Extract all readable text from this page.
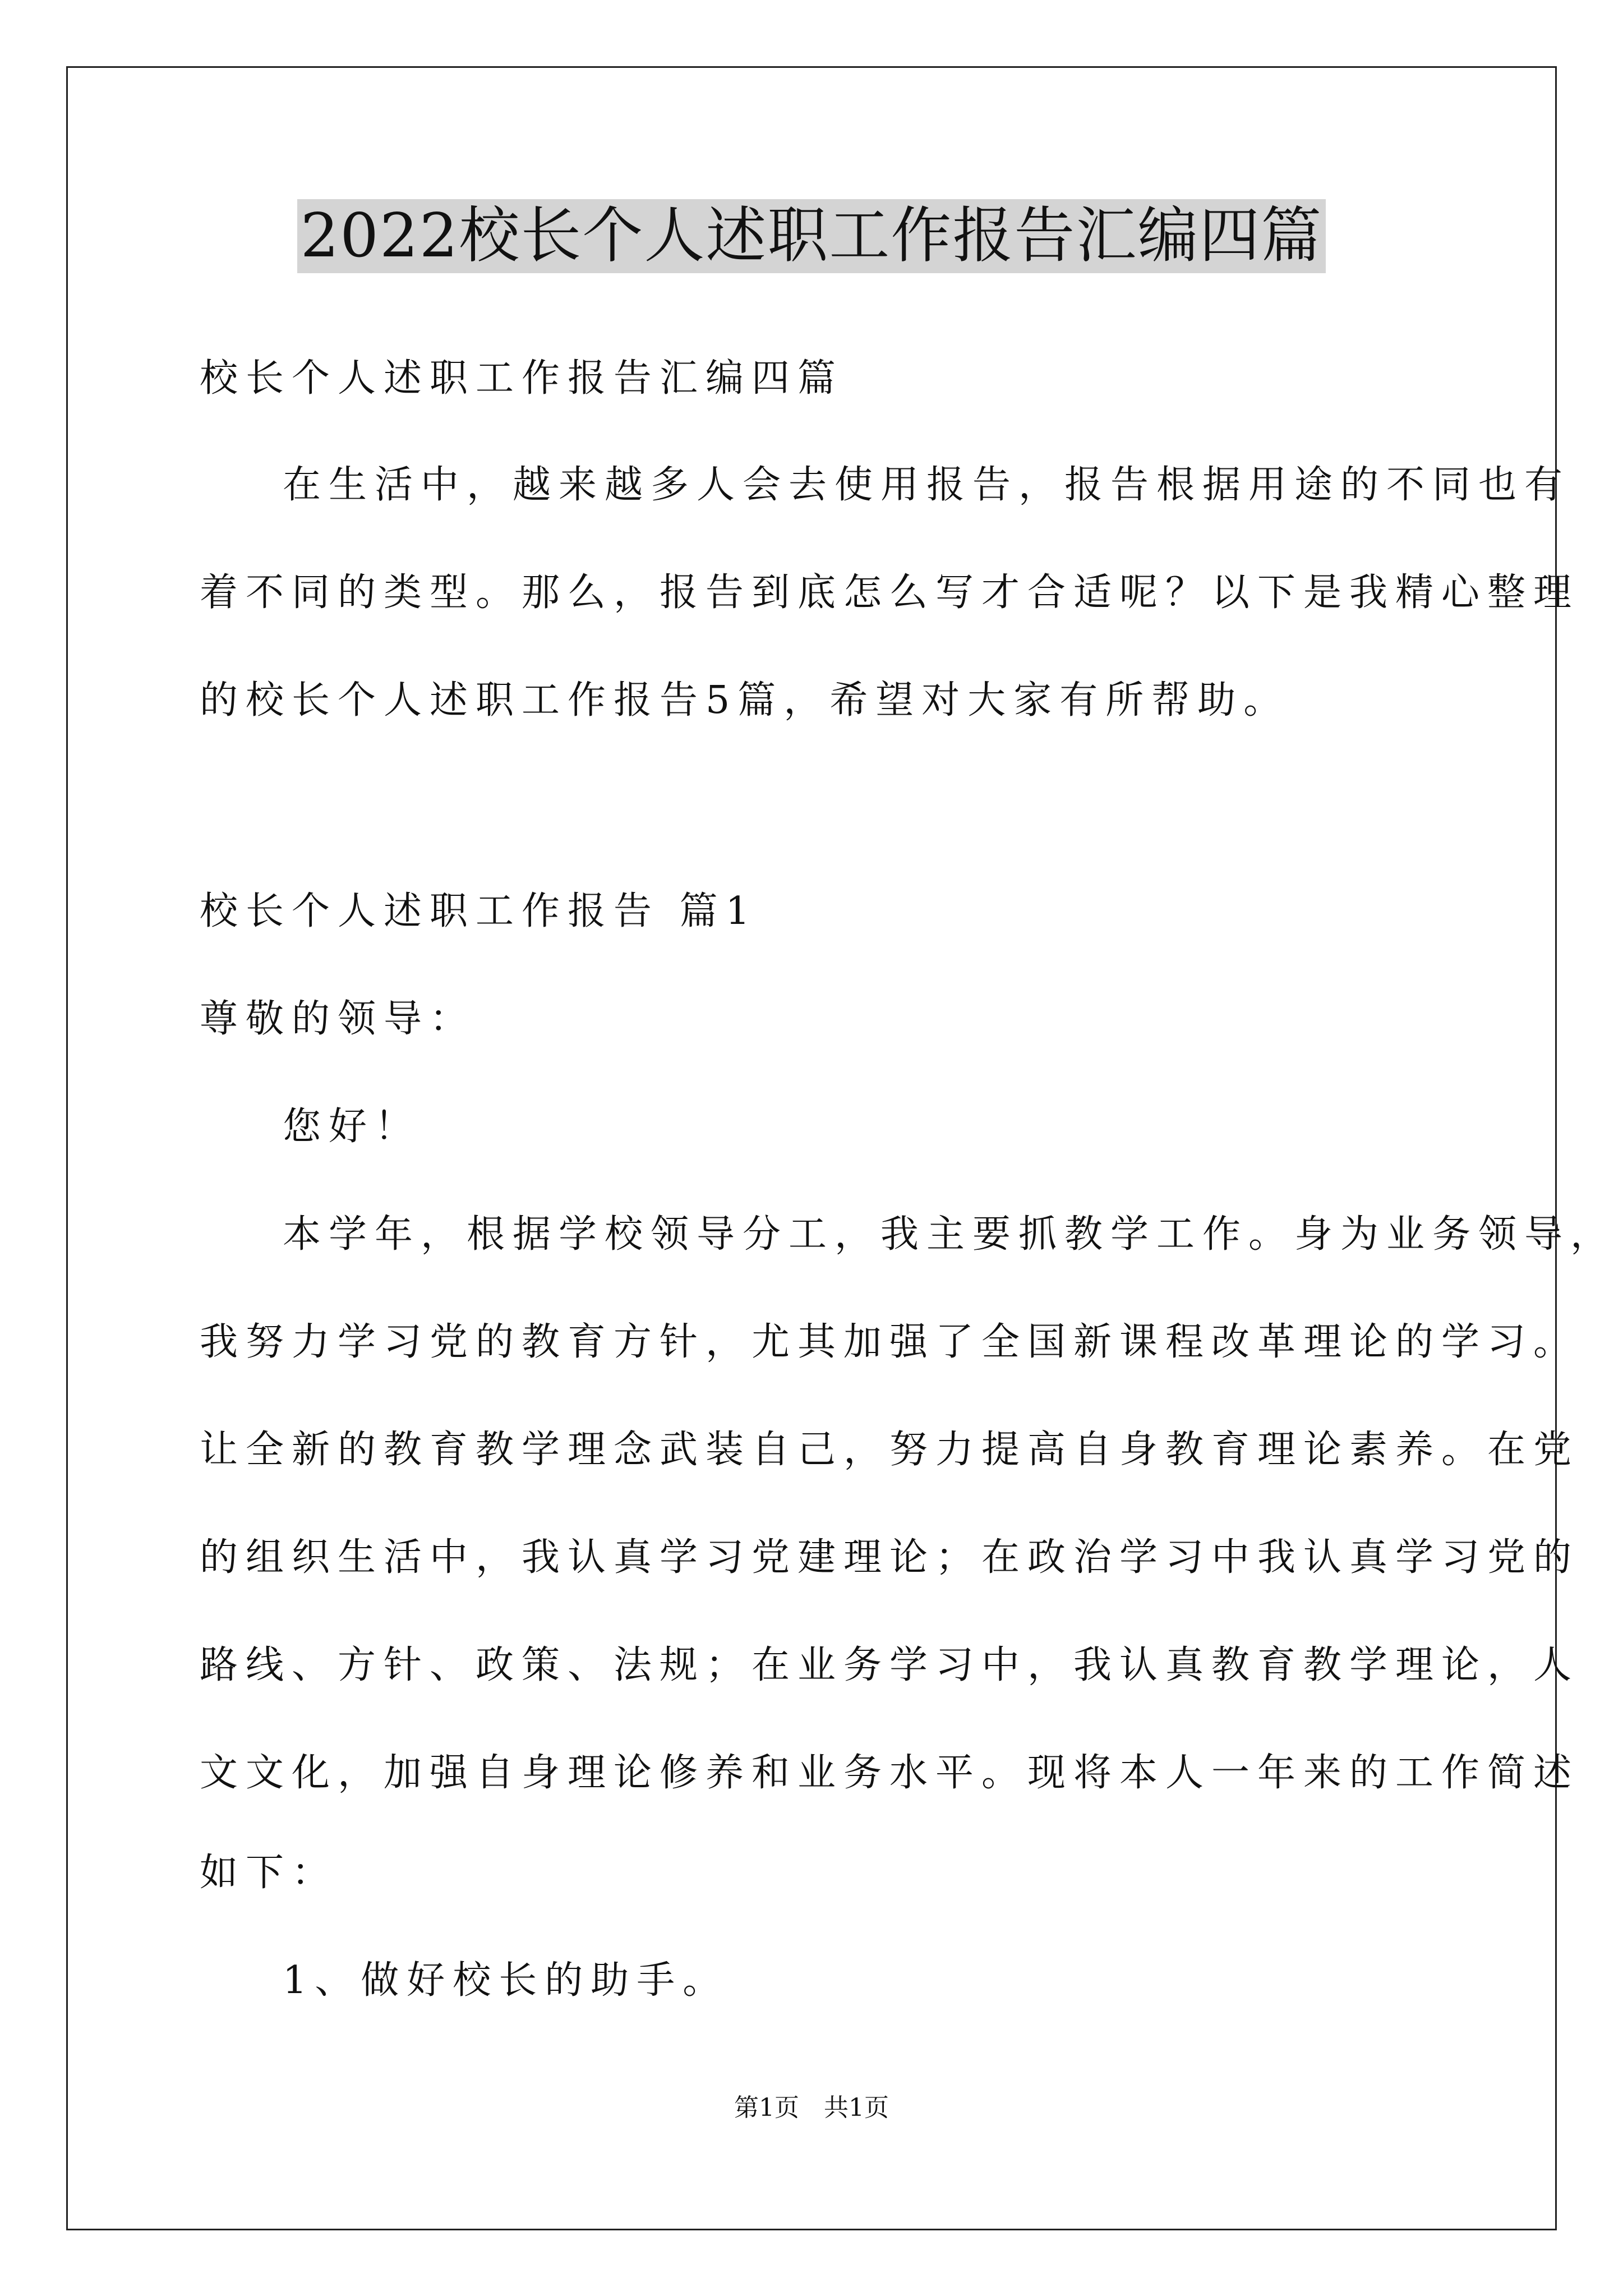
2022校长个人述职工作报告汇编四篇
校长个人述职工作报告汇编四篇
在生活中，越来越多人会去使用报告，报告根据用途的不同也有
着不同的类型。那么，报告到底怎么写才合适呢？以下是我精心整理
的校长个人述职工作报告5篇，希望对大家有所帮助。
校长个人述职工作报告 篇1
尊敬的领导：
您好！
本学年，根据学校领导分工，我主要抓教学工作。身为业务领导，
我努力学习党的教育方针，尤其加强了全国新课程改革理论的学习。
让全新的教育教学理念武装自己，努力提高自身教育理论素养。在党
的组织生活中，我认真学习党建理论；在政治学习中我认真学习党的
路线、方针、政策、法规；在业务学习中，我认真教育教学理论，人
文文化，加强自身理论修养和业务水平。现将本人一年来的工作简述
如下：
1、做好校长的助手。
第1页 共1页
